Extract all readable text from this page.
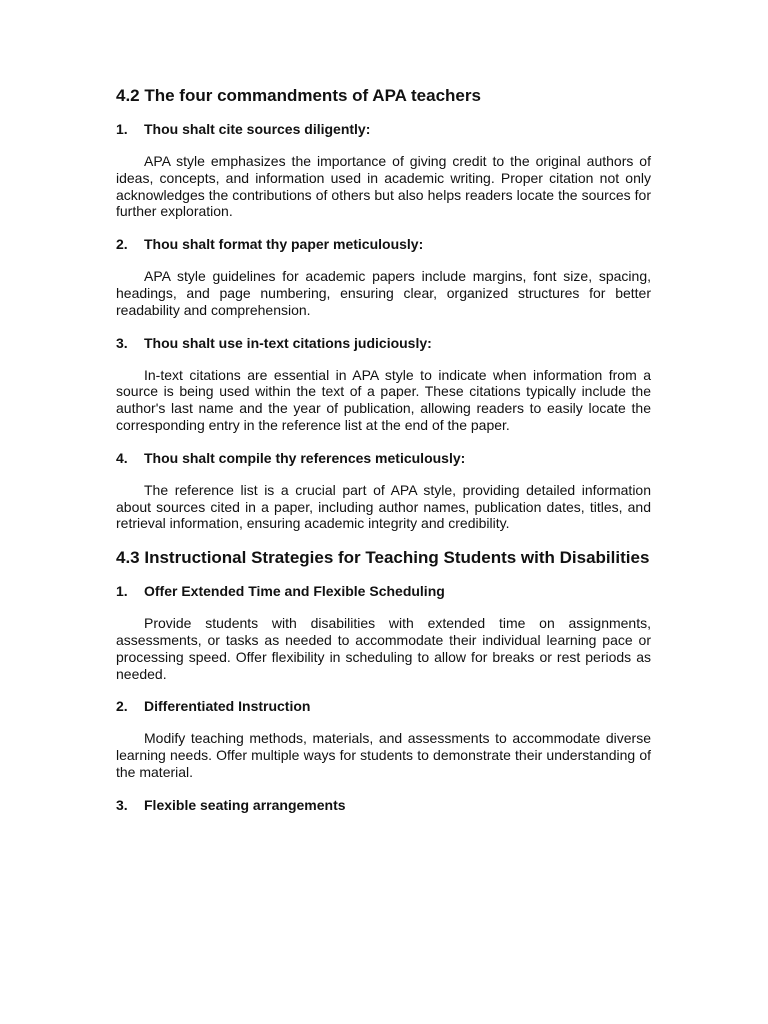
4.2 The four commandments of APA teachers
1.	Thou shalt cite sources diligently:

APA style emphasizes the importance of giving credit to the original authors of ideas, concepts, and information used in academic writing. Proper citation not only acknowledges the contributions of others but also helps readers locate the sources for further exploration.

2.	Thou shalt format thy paper meticulously:

APA style guidelines for academic papers include margins, font size, spacing, headings, and page numbering, ensuring clear, organized structures for better readability and comprehension.

3.	Thou shalt use in-text citations judiciously:

In-text citations are essential in APA style to indicate when information from a source is being used within the text of a paper. These citations typically include the author's last name and the year of publication, allowing readers to easily locate the corresponding entry in the reference list at the end of the paper.

4.	Thou shalt compile thy references meticulously:

The reference list is a crucial part of APA style, providing detailed information about sources cited in a paper, including author names, publication dates, titles, and retrieval information, ensuring academic integrity and credibility.

4.3 Instructional Strategies for Teaching Students with Disabilities
1.	Offer Extended Time and Flexible Scheduling

Provide students with disabilities with extended time on assignments, assessments, or tasks as needed to accommodate their individual learning pace or processing speed. Offer flexibility in scheduling to allow for breaks or rest periods as needed.

2.	Differentiated Instruction

Modify teaching methods, materials, and assessments to accommodate diverse learning needs. Offer multiple ways for students to demonstrate their understanding of the material.

3.	Flexible seating arrangements
